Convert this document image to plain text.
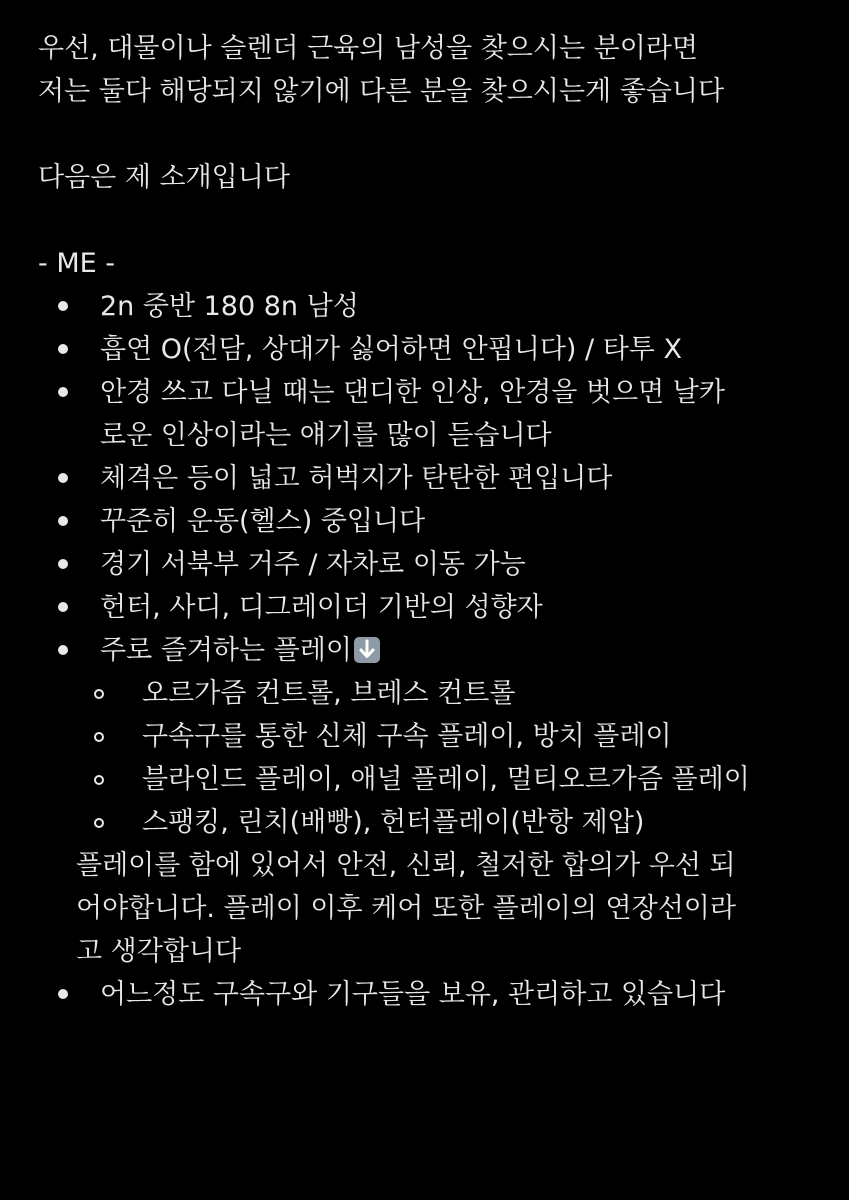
우선, 대물이나 슬렌더 근육의 남성을 찾으시는 분이라면
저는 둘다 해당되지 않기에 다른 분을 찾으시는게 좋습니다
다음은 제 소개입니다
- ME -
2n 중반 180 8n 남성
흡연 O(전담, 상대가 싫어하면 안핍니다) / 타투 X
안경 쓰고 다닐 때는 댄디한 인상, 안경을 벗으면 날카
로운 인상이라는 얘기를 많이 듣습니다
체격은 등이 넓고 허벅지가 탄탄한 편입니다
꾸준히 운동(헬스) 중입니다
경기 서북부 거주 / 자차로 이동 가능
헌터, 사디, 디그레이더 기반의 성향자
주로 즐겨하는 플레이
오르가즘 컨트롤, 브레스 컨트롤
구속구를 통한 신체 구속 플레이, 방치 플레이
블라인드 플레이, 애널 플레이, 멀티오르가즘 플레이
스팽킹, 린치(배빵), 헌터플레이(반항 제압)
플레이를 함에 있어서 안전, 신뢰, 철저한 합의가 우선 되
어야합니다. 플레이 이후 케어 또한 플레이의 연장선이라
고 생각합니다
어느정도 구속구와 기구들을 보유, 관리하고 있습니다
